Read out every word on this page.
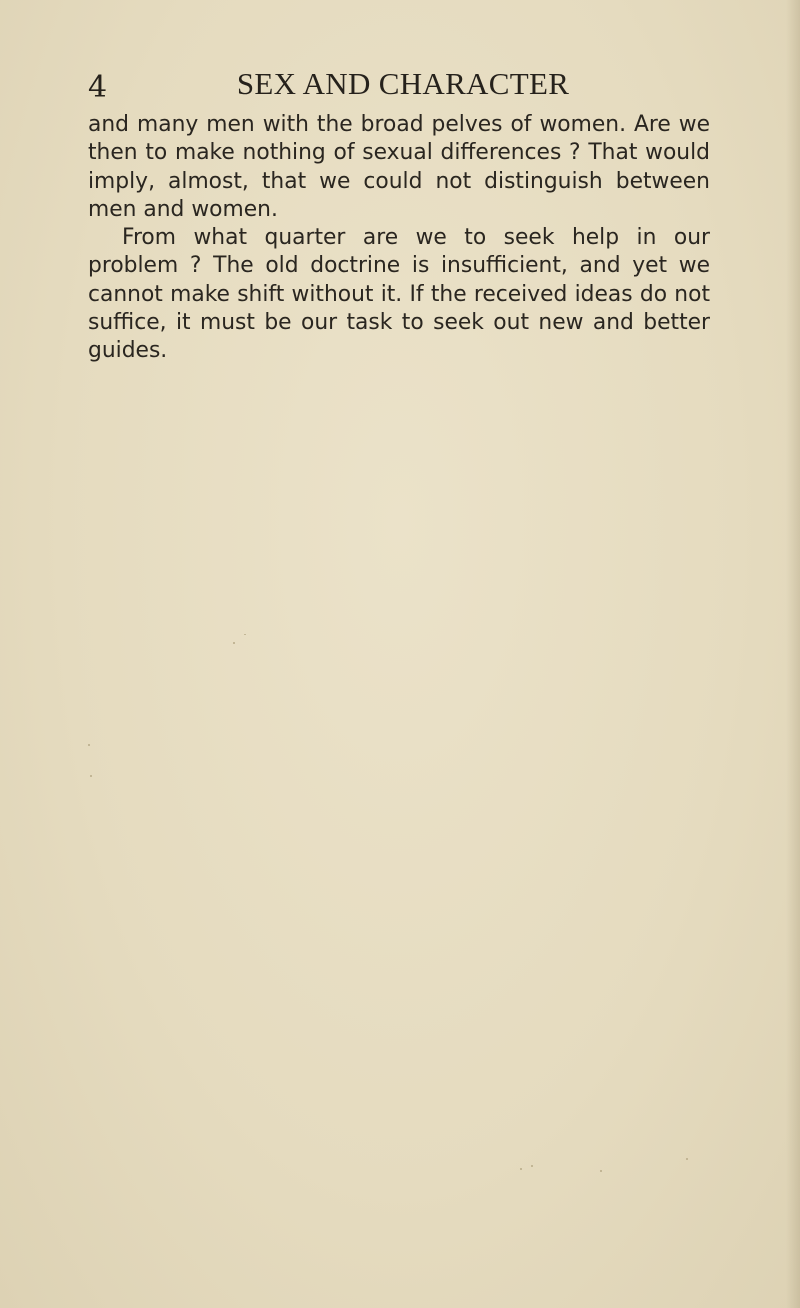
4	SEX AND CHARACTER

and many men with the broad pelves of women. Are we then to make nothing of sexual differences ? That would imply, almost, that we could not distinguish between men and women.

From what quarter are we to seek help in our problem ? The old doctrine is insufficient, and yet we cannot make shift without it. If the received ideas do not suffice, it must be our task to seek out new and better guides.
